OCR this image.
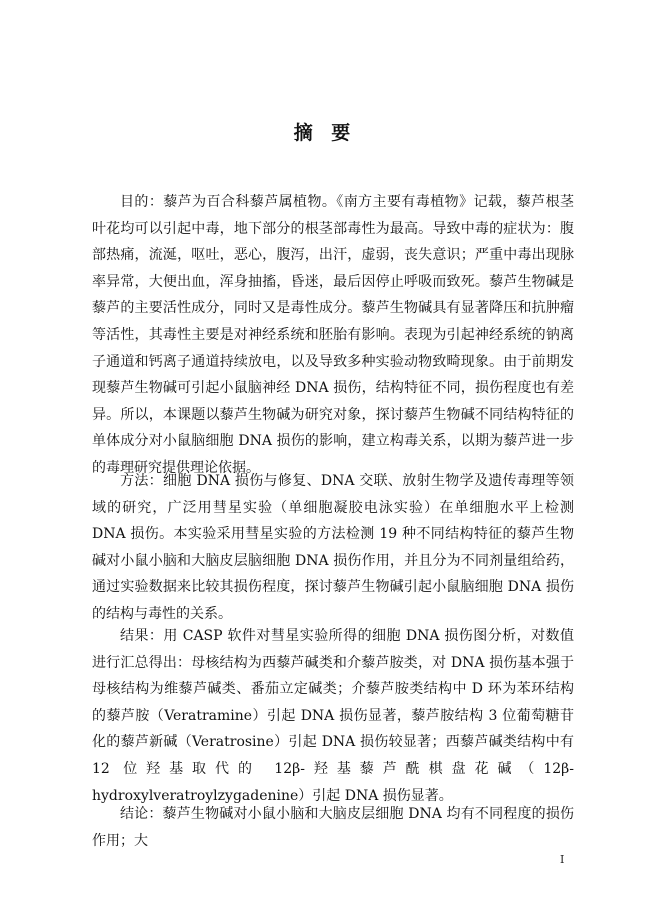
摘 要

目的：藜芦为百合科藜芦属植物。《南方主要有毒植物》记载，藜芦根茎叶花均可以引起中毒，地下部分的根茎部毒性为最高。导致中毒的症状为：腹部热痛，流涎，呕吐，恶心，腹泻，出汗，虚弱，丧失意识；严重中毒出现脉率异常，大便出血，浑身抽搐，昏迷，最后因停止呼吸而致死。藜芦生物碱是藜芦的主要活性成分，同时又是毒性成分。藜芦生物碱具有显著降压和抗肿瘤等活性，其毒性主要是对神经系统和胚胎有影响。表现为引起神经系统的钠离子通道和钙离子通道持续放电，以及导致多种实验动物致畸现象。由于前期发现藜芦生物碱可引起小鼠脑神经 DNA 损伤，结构特征不同，损伤程度也有差异。所以，本课题以藜芦生物碱为研究对象，探讨藜芦生物碱不同结构特征的单体成分对小鼠脑细胞 DNA 损伤的影响，建立构毒关系，以期为藜芦进一步的毒理研究提供理论依据。

方法：细胞 DNA 损伤与修复、DNA 交联、放射生物学及遗传毒理等领域的研究，广泛用彗星实验（单细胞凝胶电泳实验）在单细胞水平上检测 DNA 损伤。本实验采用彗星实验的方法检测 19 种不同结构特征的藜芦生物碱对小鼠小脑和大脑皮层脑细胞 DNA 损伤作用，并且分为不同剂量组给药，通过实验数据来比较其损伤程度，探讨藜芦生物碱引起小鼠脑细胞 DNA 损伤的结构与毒性的关系。

结果：用 CASP 软件对彗星实验所得的细胞 DNA 损伤图分析，对数值进行汇总得出：母核结构为西藜芦碱类和介藜芦胺类，对 DNA 损伤基本强于母核结构为维藜芦碱类、番茄立定碱类；介藜芦胺类结构中 D 环为苯环结构的藜芦胺（Veratramine）引起 DNA 损伤显著，藜芦胺结构 3 位葡萄糖苷化的藜芦新碱（Veratrosine）引起 DNA 损伤较显著；西藜芦碱类结构中有 12 位羟基取代的 12β-羟基藜芦酰棋盘花碱（12β-hydroxylveratroylzygadenine）引起 DNA 损伤显著。

结论：藜芦生物碱对小鼠小脑和大脑皮层细胞 DNA 均有不同程度的损伤作用；大

I
